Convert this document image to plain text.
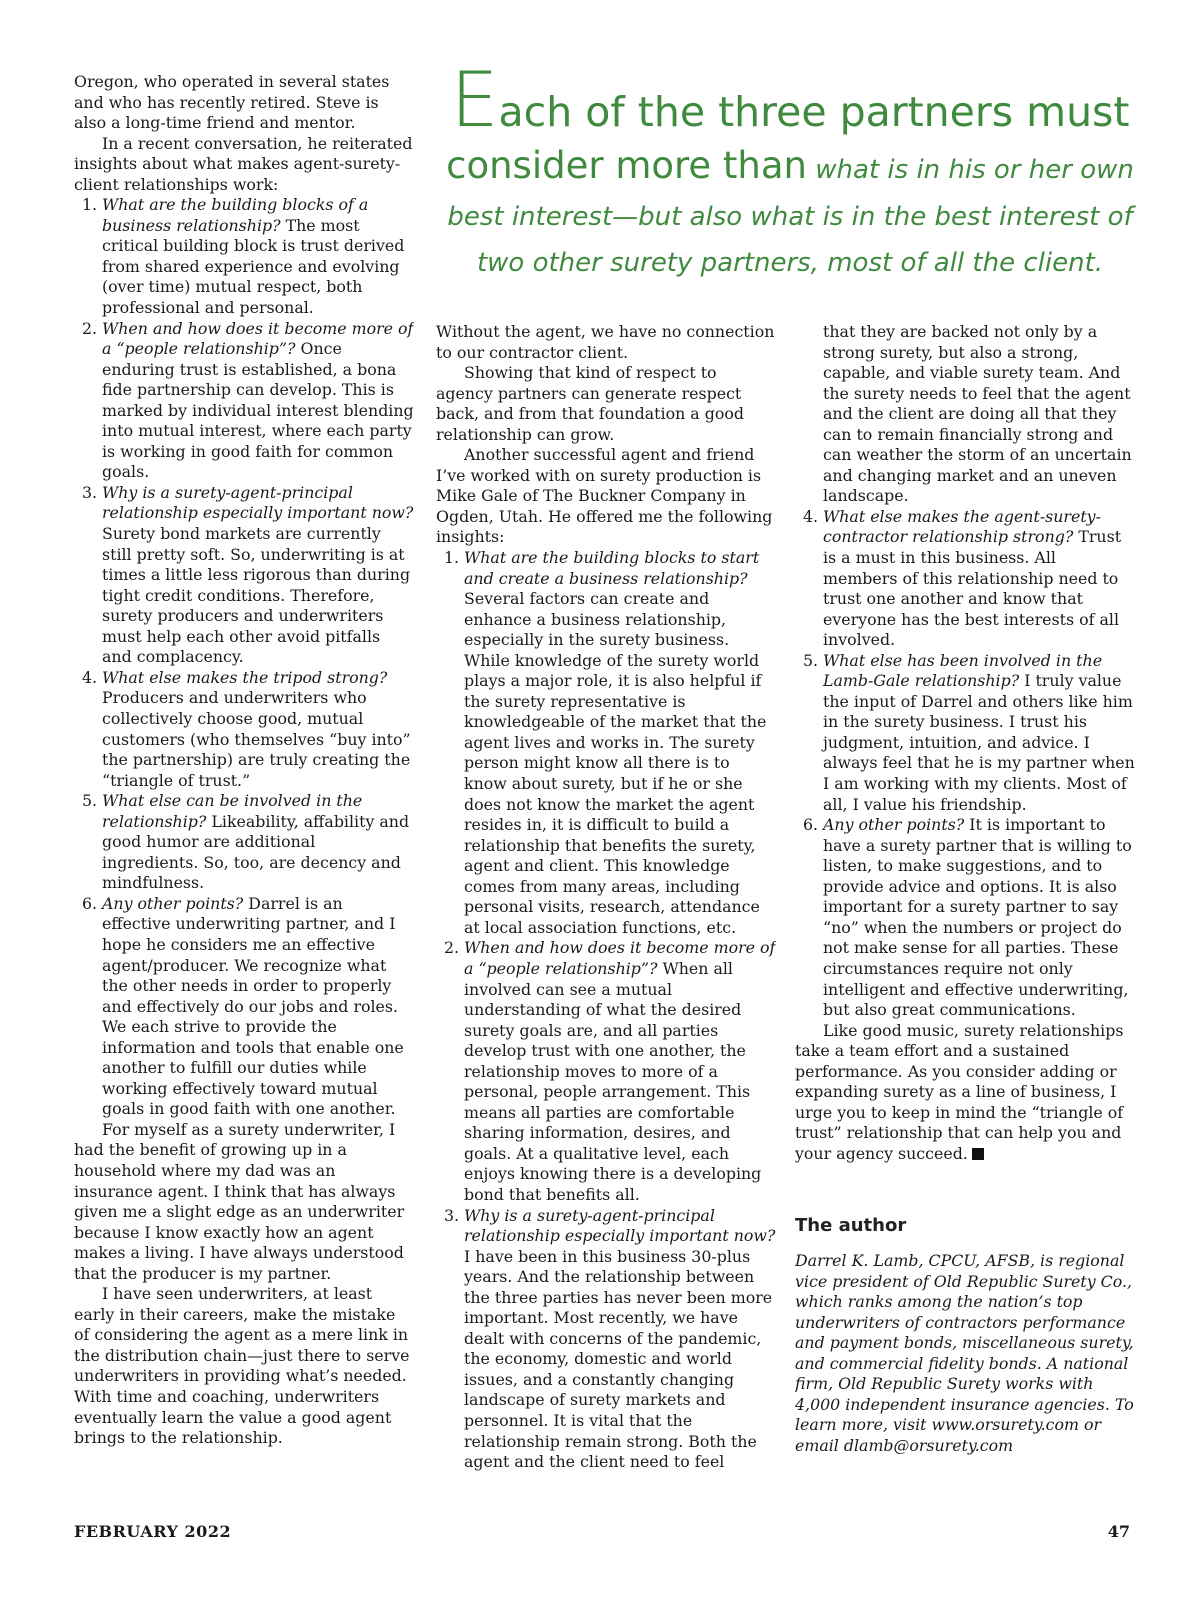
Each of the three partners must
consider more than what is in his or her own
best interest—but also what is in the best interest of
two other surety partners, most of all the client.

Oregon, who operated in several states and who has recently retired. Steve is also a long-time friend and mentor.

In a recent conversation, he reiterated insights about what makes agent-surety-client relationships work:

1. What are the building blocks of a business relationship? The most critical building block is trust derived from shared experience and evolving (over time) mutual respect, both professional and personal.
2. When and how does it become more of a “people relationship”? Once enduring trust is established, a bona fide partnership can develop. This is marked by individual interest blending into mutual interest, where each party is working in good faith for common goals.
3. Why is a surety-agent-principal relationship especially important now? Surety bond markets are currently still pretty soft. So, underwriting is at times a little less rigorous than during tight credit conditions. Therefore, surety producers and underwriters must help each other avoid pitfalls and complacency.
4. What else makes the tripod strong? Producers and underwriters who collectively choose good, mutual customers (who themselves “buy into” the partnership) are truly creating the “triangle of trust.”
5. What else can be involved in the relationship? Likeability, affability and good humor are additional ingredients. So, too, are decency and mindfulness.
6. Any other points? Darrel is an effective underwriting partner, and I hope he considers me an effective agent/producer. We recognize what the other needs in order to properly and effectively do our jobs and roles. We each strive to provide the information and tools that enable one another to fulfill our duties while working effectively toward mutual goals in good faith with one another.

For myself as a surety underwriter, I had the benefit of growing up in a household where my dad was an insurance agent. I think that has always given me a slight edge as an underwriter because I know exactly how an agent makes a living. I have always understood that the producer is my partner.

I have seen underwriters, at least early in their careers, make the mistake of considering the agent as a mere link in the distribution chain—just there to serve underwriters in providing what’s needed. With time and coaching, underwriters eventually learn the value a good agent brings to the relationship.

Without the agent, we have no connection to our contractor client.

Showing that kind of respect to agency partners can generate respect back, and from that foundation a good relationship can grow.

Another successful agent and friend I’ve worked with on surety production is Mike Gale of The Buckner Company in Ogden, Utah. He offered me the following insights:

1. What are the building blocks to start and create a business relationship? Several factors can create and enhance a business relationship, especially in the surety business. While knowledge of the surety world plays a major role, it is also helpful if the surety representative is knowledgeable of the market that the agent lives and works in. The surety person might know all there is to know about surety, but if he or she does not know the market the agent resides in, it is difficult to build a relationship that benefits the surety, agent and client. This knowledge comes from many areas, including personal visits, research, attendance at local association functions, etc.
2. When and how does it become more of a “people relationship”? When all involved can see a mutual understanding of what the desired surety goals are, and all parties develop trust with one another, the relationship moves to more of a personal, people arrangement. This means all parties are comfortable sharing information, desires, and goals. At a qualitative level, each enjoys knowing there is a developing bond that benefits all.
3. Why is a surety-agent-principal relationship especially important now? I have been in this business 30-plus years. And the relationship between the three parties has never been more important. Most recently, we have dealt with concerns of the pandemic, the economy, domestic and world issues, and a constantly changing landscape of surety markets and personnel. It is vital that the relationship remain strong. Both the agent and the client need to feel

that they are backed not only by a strong surety, but also a strong, capable, and viable surety team. And the surety needs to feel that the agent and the client are doing all that they can to remain financially strong and can weather the storm of an uncertain and changing market and an uneven landscape.

4. What else makes the agent-surety-contractor relationship strong? Trust is a must in this business. All members of this relationship need to trust one another and know that everyone has the best interests of all involved.
5. What else has been involved in the Lamb-Gale relationship? I truly value the input of Darrel and others like him in the surety business. I trust his judgment, intuition, and advice. I always feel that he is my partner when I am working with my clients. Most of all, I value his friendship.
6. Any other points? It is important to have a surety partner that is willing to listen, to make suggestions, and to provide advice and options. It is also important for a surety partner to say “no” when the numbers or project do not make sense for all parties. These circumstances require not only intelligent and effective underwriting, but also great communications.

Like good music, surety relationships take a team effort and a sustained performance. As you consider adding or expanding surety as a line of business, I urge you to keep in mind the “triangle of trust” relationship that can help you and your agency succeed.

The author

Darrel K. Lamb, CPCU, AFSB, is regional vice president of Old Republic Surety Co., which ranks among the nation’s top underwriters of contractors performance and payment bonds, miscellaneous surety, and commercial fidelity bonds. A national firm, Old Republic Surety works with 4,000 independent insurance agencies. To learn more, visit www.orsurety.com or email dlamb@orsurety.com

FEBRUARY 2022	47
